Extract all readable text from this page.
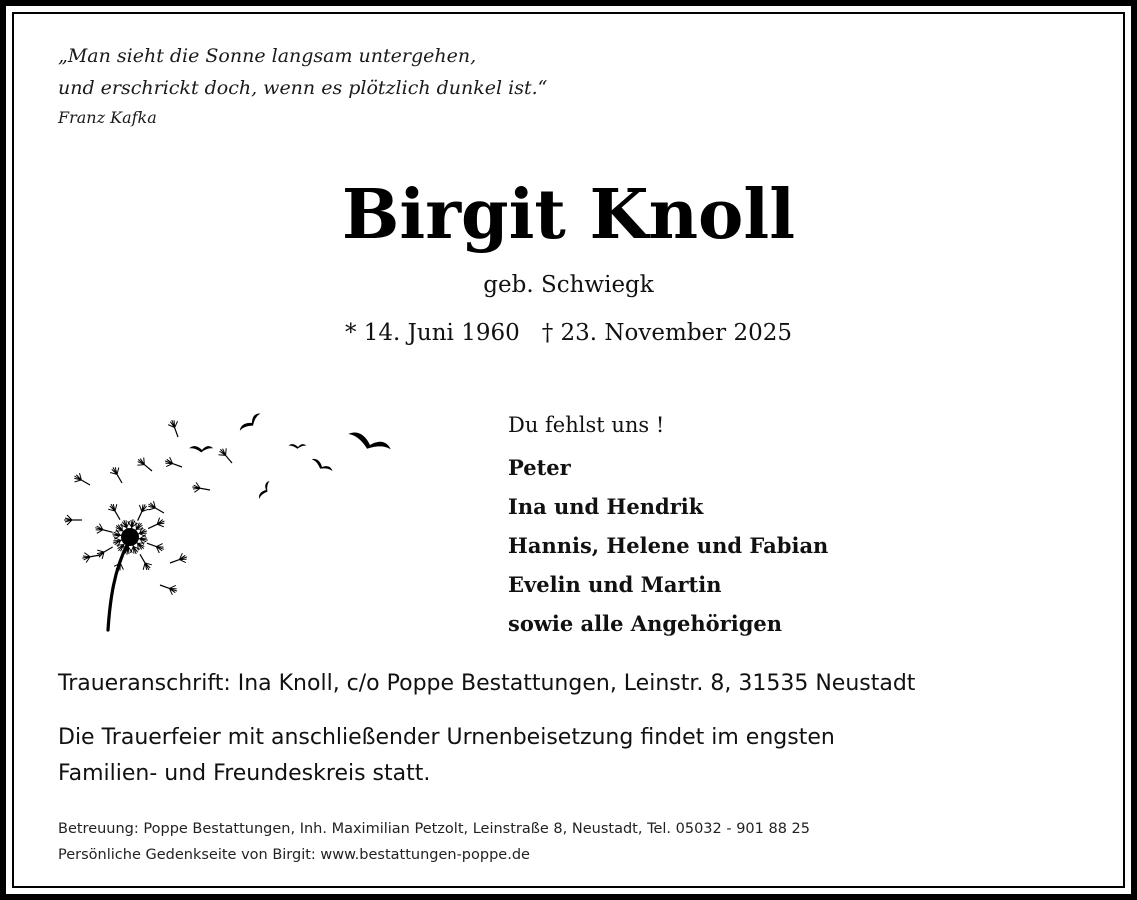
„Man sieht die Sonne langsam untergehen,
und erschrickt doch, wenn es plötzlich dunkel ist.“
Franz Kafka
Birgit Knoll
geb. Schwiegk
* 14. Juni 1960 † 23. November 2025
Du fehlst uns !
Peter
Ina und Hendrik
Hannis, Helene und Fabian
Evelin und Martin
sowie alle Angehörigen
Traueranschrift: Ina Knoll, c/o Poppe Bestattungen, Leinstr. 8, 31535 Neustadt
Die Trauerfeier mit anschließender Urnenbeisetzung findet im engsten
Familien- und Freundeskreis statt.
Betreuung: Poppe Bestattungen, Inh. Maximilian Petzolt, Leinstraße 8, Neustadt, Tel. 05032 - 901 88 25
Persönliche Gedenkseite von Birgit: www.bestattungen-poppe.de
